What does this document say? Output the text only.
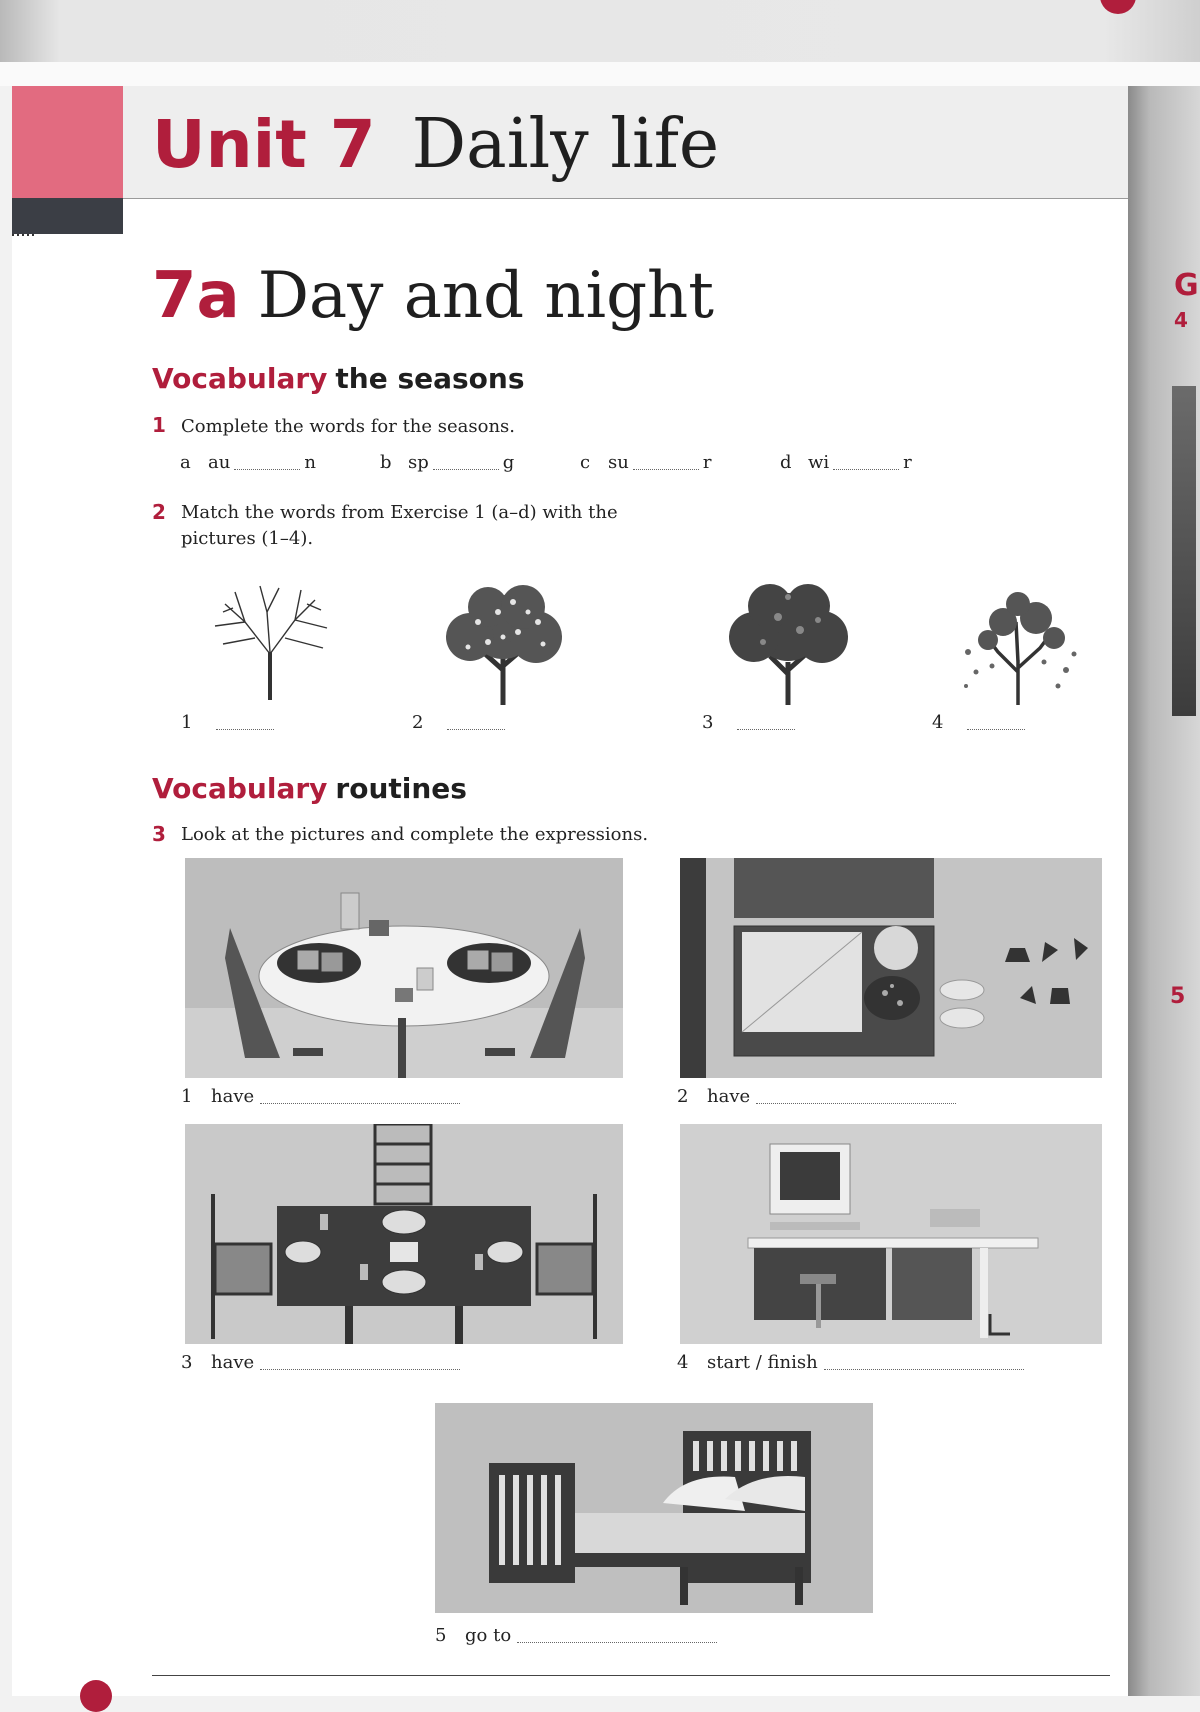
G
4
5
Unit 7 Daily life
7a Day and night
Vocabulary the seasons
1 Complete the words for the seasons.
a au	n	b sp	g	c su	r	d wi	r
2 Match the words from Exercise 1 (a–d) with the
pictures (1–4).
1	2	3	4
Vocabulary routines
3 Look at the pictures and complete the expressions.
1 have	2 have
3 have	4 start / finish
5 go to
